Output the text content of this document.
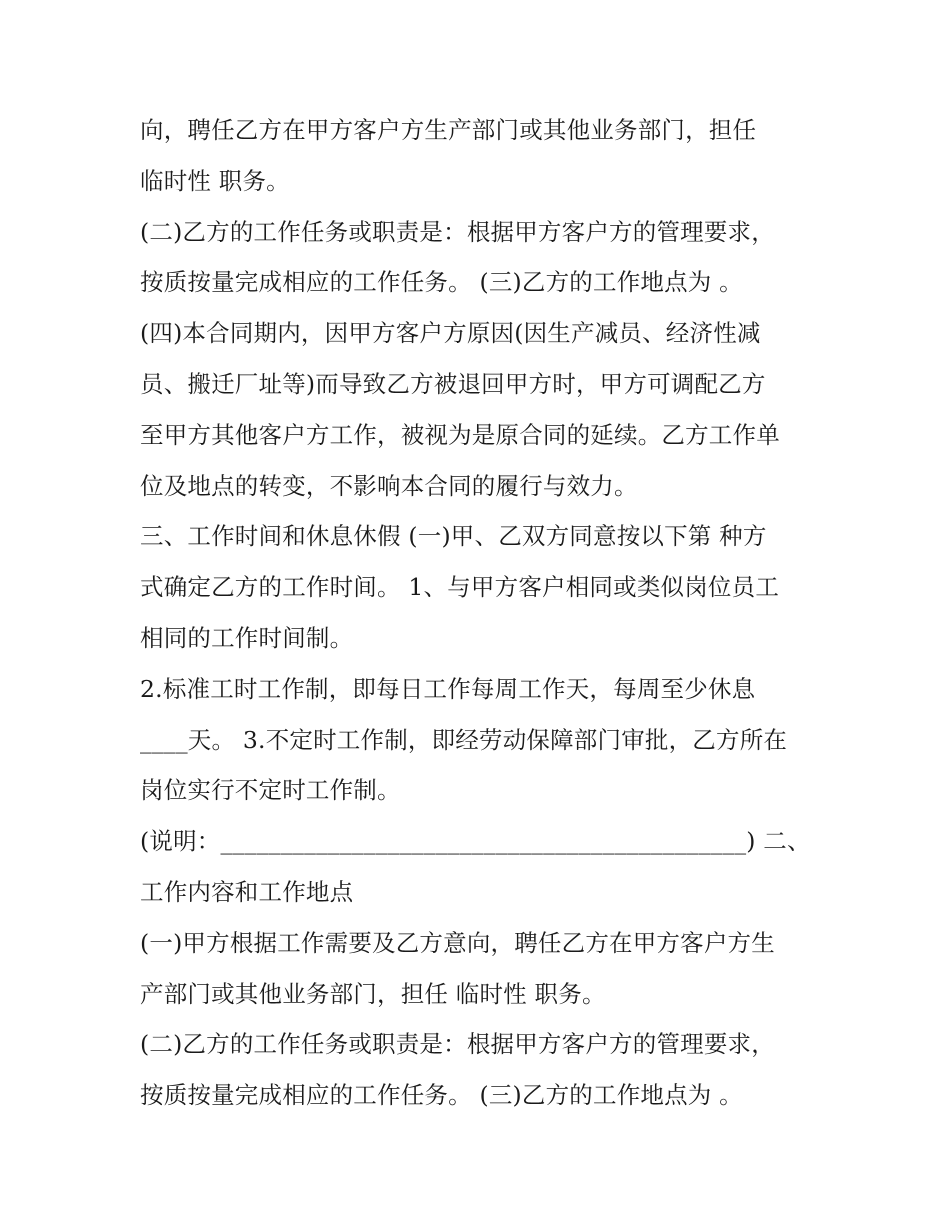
向，聘任乙方在甲方客户方生产部门或其他业务部门，担任
临时性 职务。
(二)乙方的工作任务或职责是：根据甲方客户方的管理要求，
按质按量完成相应的工作任务。 (三)乙方的工作地点为 。
(四)本合同期内，因甲方客户方原因(因生产减员、经济性减
员、搬迁厂址等)而导致乙方被退回甲方时，甲方可调配乙方
至甲方其他客户方工作，被视为是原合同的延续。乙方工作单
位及地点的转变，不影响本合同的履行与效力。
三、工作时间和休息休假 (一)甲、乙双方同意按以下第 种方
式确定乙方的工作时间。 1、与甲方客户相同或类似岗位员工
相同的工作时间制。
2.标准工时工作制，即每日工作每周工作天，每周至少休息
____天。 3.不定时工作制，即经劳动保障部门审批，乙方所在
岗位实行不定时工作制。
(说明：____________________________________________) 二、
工作内容和工作地点
(一)甲方根据工作需要及乙方意向，聘任乙方在甲方客户方生
产部门或其他业务部门，担任 临时性 职务。
(二)乙方的工作任务或职责是：根据甲方客户方的管理要求，
按质按量完成相应的工作任务。 (三)乙方的工作地点为 。
